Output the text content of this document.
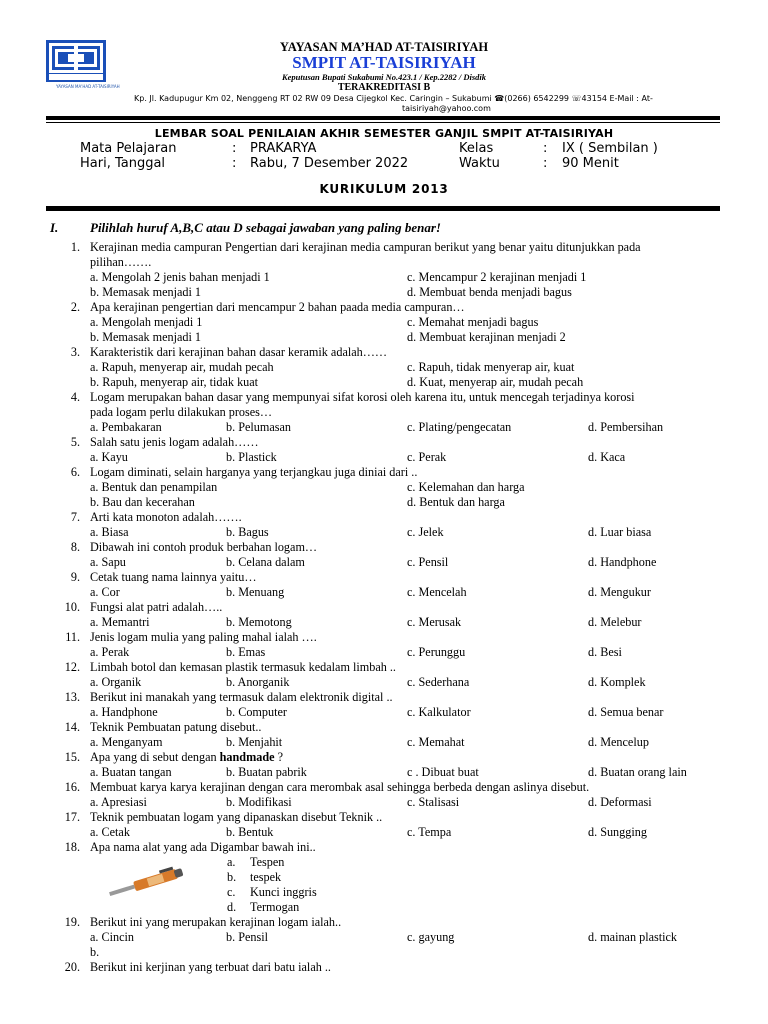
YAYASAN MA'HAD AT-TAISIRIYAH
YAYASAN MA’HAD AT-TAISIRIYAH
SMPIT AT-TAISIRIYAH
Keputusan Bupati Sukabumi No.423.1 / Kep.2282 / Disdik
TERAKREDITASI B
Kp. Jl. Kadupugur Km 02, Nenggeng RT 02 RW 09 Desa Cijegkol Kec. Caringin – Sukabumi ☎(0266) 6542299 ☏43154 E-Mail : At-
taisiriyah@yahoo.com
LEMBAR SOAL PENILAIAN AKHIR SEMESTER GANJIL SMPIT AT-TAISIRIYAH
Mata Pelajaran	: PRAKARYA	Kelas	: IX ( Sembilan )
Hari, Tanggal	: Rabu, 7 Desember 2022	Waktu	: 90 Menit
KURIKULUM 2013
I. Pilihlah huruf A,B,C atau D sebagai jawaban yang paling benar!
1. Kerajinan media campuran Pengertian dari kerajinan media campuran berikut yang benar yaitu ditunjukkan pada
pilihan…….
a. Mengolah 2 jenis bahan menjadi 1	c. Mencampur 2 kerajinan menjadi 1
b. Memasak menjadi 1	d. Membuat benda menjadi bagus
2. Apa kerajinan pengertian dari mencampur 2 bahan paada media campuran…
a. Mengolah menjadi 1	c. Memahat menjadi bagus
b. Memasak menjadi 1	d. Membuat kerajinan menjadi 2
3. Karakteristik dari kerajinan bahan dasar keramik adalah……
a. Rapuh, menyerap air, mudah pecah	c. Rapuh, tidak menyerap air, kuat
b. Rapuh, menyerap air, tidak kuat	d. Kuat, menyerap air, mudah pecah
4. Logam merupakan bahan dasar yang mempunyai sifat korosi oleh karena itu, untuk mencegah terjadinya korosi
pada logam perlu dilakukan proses…
a. Pembakaran	b. Pelumasan	c. Plating/pengecatan	d. Pembersihan
5. Salah satu jenis logam adalah……
a. Kayu	b. Plastick	c. Perak	d. Kaca
6. Logam diminati, selain harganya yang terjangkau juga diniai dari ..
a. Bentuk dan penampilan	c. Kelemahan dan harga
b. Bau dan kecerahan	d. Bentuk dan harga
7. Arti kata monoton adalah…….
a. Biasa	b. Bagus	c. Jelek	d. Luar biasa
8. Dibawah ini contoh produk berbahan logam…
a. Sapu	b. Celana dalam	c. Pensil	d. Handphone
9. Cetak tuang nama lainnya yaitu…
a. Cor	b. Menuang	c. Mencelah	d. Mengukur
10. Fungsi alat patri adalah…..
a. Memantri	b. Memotong	c. Merusak	d. Melebur
11. Jenis logam mulia yang paling mahal ialah ….
a. Perak	b. Emas	c. Perunggu	d. Besi
12. Limbah botol dan kemasan plastik termasuk kedalam limbah ..
a. Organik	b. Anorganik	c. Sederhana	d. Komplek
13. Berikut ini manakah yang termasuk dalam elektronik digital ..
a. Handphone	b. Computer	c. Kalkulator	d. Semua benar
14. Teknik Pembuatan patung disebut..
a. Menganyam	b. Menjahit	c. Memahat	d. Mencelup
15. Apa yang di sebut dengan handmade ?
a. Buatan tangan	b. Buatan pabrik	c . Dibuat buat	d. Buatan orang lain
16. Membuat karya karya kerajinan dengan cara merombak asal sehingga berbeda dengan aslinya disebut.
a. Apresiasi	b. Modifikasi	c. Stalisasi	d. Deformasi
17. Teknik pembuatan logam yang dipanaskan disebut Teknik ..
a. Cetak	b. Bentuk	c. Tempa	d. Sungging
18. Apa nama alat yang ada Digambar bawah ini..
a. Tespen
b. tespek
c. Kunci inggris
d. Termogan
19. Berikut ini yang merupakan kerajinan logam ialah..
a. Cincin	b. Pensil	c. gayung	d. mainan plastick
b.
20. Berikut ini kerjinan yang terbuat dari batu ialah ..
